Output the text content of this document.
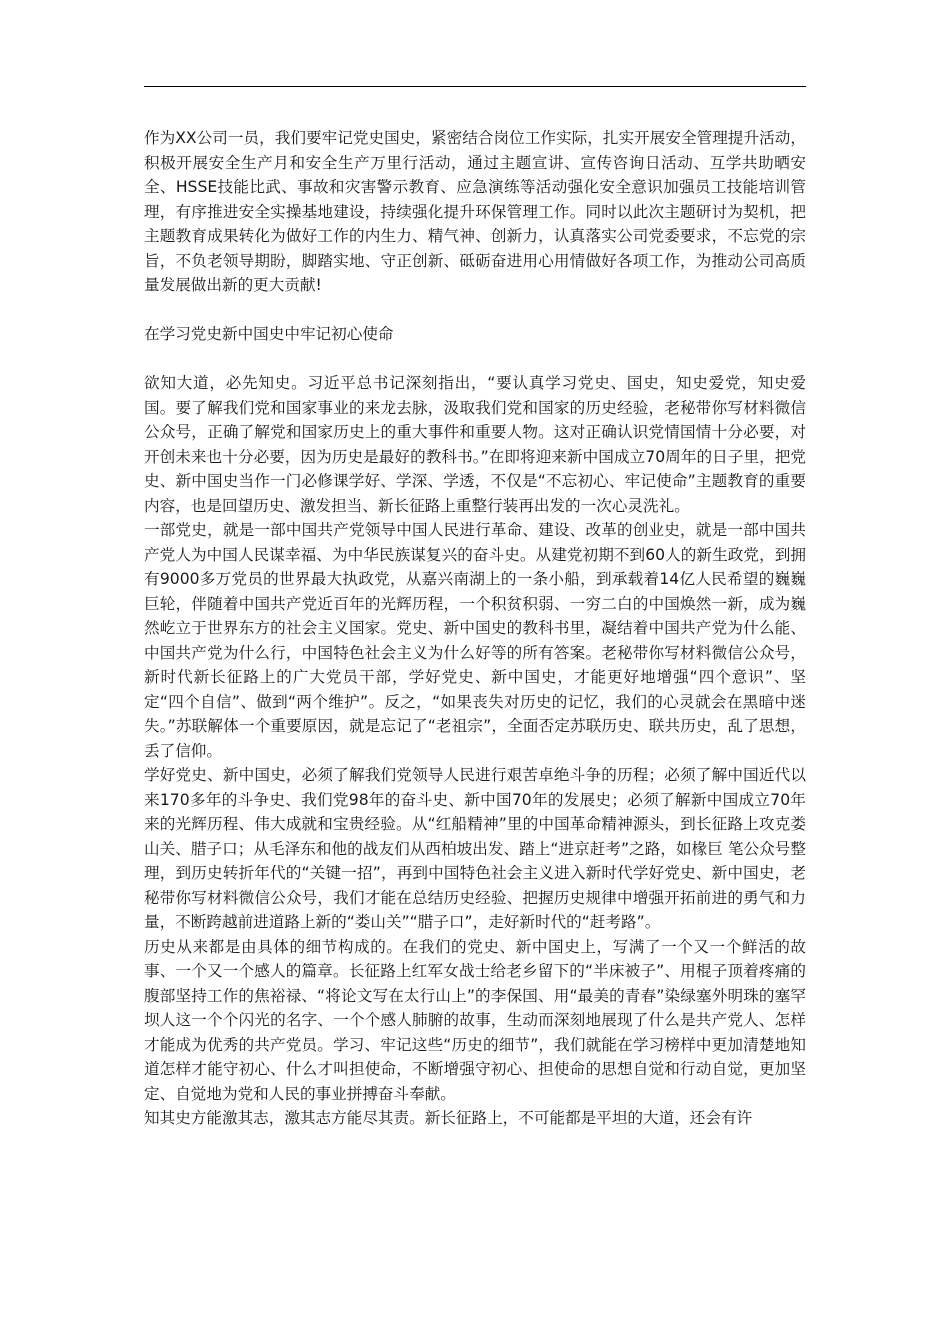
作为XX公司一员，我们要牢记党史国史，紧密结合岗位工作实际，扎实开展安全管理提升活动，积极开展安全生产月和安全生产万里行活动，通过主题宣讲、宣传咨询日活动、互学共助晒安全、HSSE技能比武、事故和灾害警示教育、应急演练等活动强化安全意识加强员工技能培训管理，有序推进安全实操基地建设，持续强化提升环保管理工作。同时以此次主题研讨为契机，把主题教育成果转化为做好工作的内生力、精气神、创新力，认真落实公司党委要求，不忘党的宗旨，不负老领导期盼，脚踏实地、守正创新、砥砺奋进用心用情做好各项工作，为推动公司高质量发展做出新的更大贡献!

在学习党史新中国史中牢记初心使命

欲知大道，必先知史。习近平总书记深刻指出，“要认真学习党史、国史，知史爱党，知史爱国。要了解我们党和国家事业的来龙去脉，汲取我们党和国家的历史经验，老秘带你写材料微信公众号，正确了解党和国家历史上的重大事件和重要人物。这对正确认识党情国情十分必要，对开创未来也十分必要，因为历史是最好的教科书。”在即将迎来新中国成立70周年的日子里，把党史、新中国史当作一门必修课学好、学深、学透，不仅是“不忘初心、牢记使命”主题教育的重要内容，也是回望历史、激发担当、新长征路上重整行装再出发的一次心灵洗礼。

一部党史，就是一部中国共产党领导中国人民进行革命、建设、改革的创业史，就是一部中国共产党人为中国人民谋幸福、为中华民族谋复兴的奋斗史。从建党初期不到60人的新生政党，到拥有9000多万党员的世界最大执政党，从嘉兴南湖上的一条小船，到承载着14亿人民希望的巍巍巨轮，伴随着中国共产党近百年的光辉历程，一个积贫积弱、一穷二白的中国焕然一新，成为巍然屹立于世界东方的社会主义国家。党史、新中国史的教科书里，凝结着中国共产党为什么能、中国共产党为什么行，中国特色社会主义为什么好等的所有答案。老秘带你写材料微信公众号，新时代新长征路上的广大党员干部，学好党史、新中国史，才能更好地增强“四个意识”、坚定“四个自信”、做到“两个维护”。反之，“如果丧失对历史的记忆，我们的心灵就会在黑暗中迷失。”苏联解体一个重要原因，就是忘记了“老祖宗”，全面否定苏联历史、联共历史，乱了思想，丢了信仰。

学好党史、新中国史，必须了解我们党领导人民进行艰苦卓绝斗争的历程；必须了解中国近代以来170多年的斗争史、我们党98年的奋斗史、新中国70年的发展史；必须了解新中国成立70年来的光辉历程、伟大成就和宝贵经验。从“红船精神”里的中国革命精神源头，到长征路上攻克娄山关、腊子口；从毛泽东和他的战友们从西柏坡出发、踏上“进京赶考”之路，如椽巨 笔公众号整理，到历史转折年代的“关键一招”，再到中国特色社会主义进入新时代学好党史、新中国史，老秘带你写材料微信公众号，我们才能在总结历史经验、把握历史规律中增强开拓前进的勇气和力量，不断跨越前进道路上新的“娄山关”“腊子口”，走好新时代的“赶考路”。

历史从来都是由具体的细节构成的。在我们的党史、新中国史上，写满了一个又一个鲜活的故事、一个又一个感人的篇章。长征路上红军女战士给老乡留下的“半床被子”、用棍子顶着疼痛的腹部坚持工作的焦裕禄、“将论文写在太行山上”的李保国、用“最美的青春”染绿塞外明珠的塞罕坝人这一个个闪光的名字、一个个感人肺腑的故事，生动而深刻地展现了什么是共产党人、怎样才能成为优秀的共产党员。学习、牢记这些“历史的细节”，我们就能在学习榜样中更加清楚地知道怎样才能守初心、什么才叫担使命，不断增强守初心、担使命的思想自觉和行动自觉，更加坚定、自觉地为党和人民的事业拼搏奋斗奉献。

知其史方能激其志，激其志方能尽其责。新长征路上，不可能都是平坦的大道，还会有许
